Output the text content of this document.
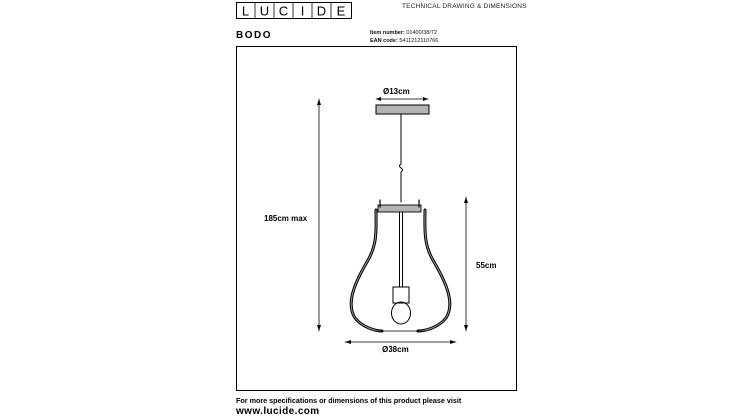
L U C I D E	TECHNICAL DRAWING & DIMENSIONS
BODO	Item number: 01400/38/72
EAN code: 5411212110766
Ø13cm
185cm max
55cm
Ø38cm
For more specifications or dimensions of this product please visit
www.lucide.com
